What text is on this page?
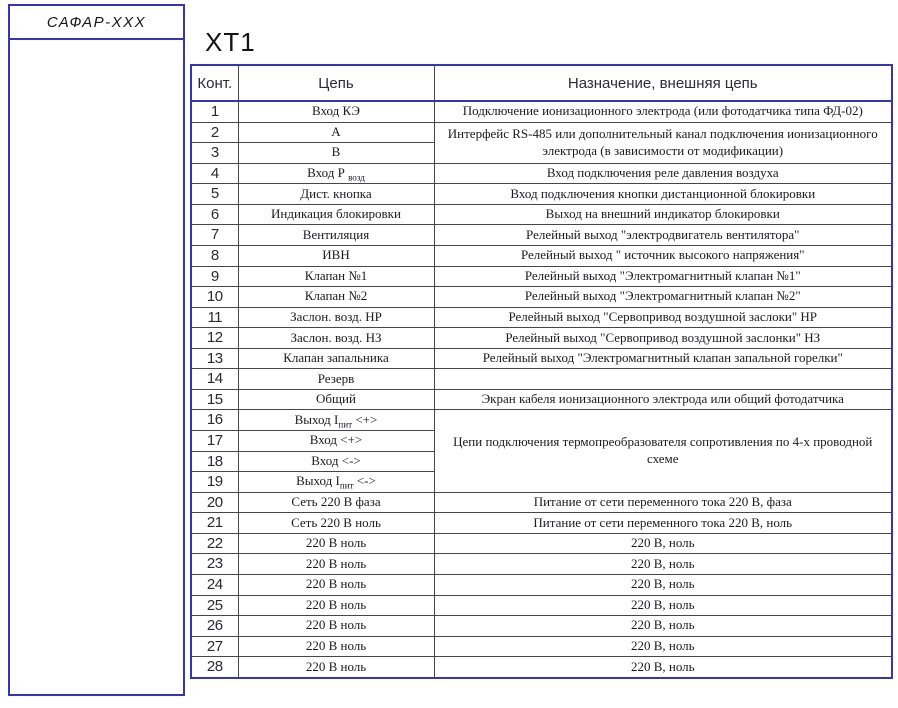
САФАР-ХХХ
ХТ1
Конт.	Цепь	Назначение, внешняя цепь
1	Вход КЭ	Подключение ионизационного электрода (или фотодатчика типа ФД-02)
2	А	Интерфейс RS-485 или дополнительный канал подключения ионизационного электрода (в зависимости от модификации)
3	В	
4	Вход Р $_{возд}$	Вход подключения реле давления воздуха
5	Дист. кнопка	Вход подключения кнопки дистанционной блокировки
6	Индикация блокировки	Выход на внешний индикатор блокировки
7	Вентиляция	Релейный выход "электродвигатель вентилятора"
8	ИВН	Релейный выход " источник высокого напряжения"
9	Клапан №1	Релейный выход "Электромагнитный клапан №1"
10	Клапан №2	Релейный выход "Электромагнитный клапан №2"
11	Заслон. возд. НР	Релейный выход "Сервопривод воздушной заслоки" НР
12	Заслон. возд. НЗ	Релейный выход "Сервопривод воздушной заслонки" НЗ
13	Клапан запальника	Релейный выход "Электромагнитный клапан запальной горелки"
14	Резерв	
15	Общий	Экран кабеля ионизационного электрода или общий фотодатчика
16	Выход $I_{пит}$ <+>	Цепи подключения термопреобразователя сопротивления по 4-х проводной схеме
17	Вход <+>	
18	Вход <->	
19	Выход $I_{пит}$ <->	
20	Сеть 220 В фаза	Питание от сети переменного тока 220 В, фаза
21	Сеть 220 В ноль	Питание от сети переменного тока 220 В, ноль
22	220 В ноль	220 В, ноль
23	220 В ноль	220 В, ноль
24	220 В ноль	220 В, ноль
25	220 В ноль	220 В, ноль
26	220 В ноль	220 В, ноль
27	220 В ноль	220 В, ноль
28	220 В ноль	220 В, ноль
